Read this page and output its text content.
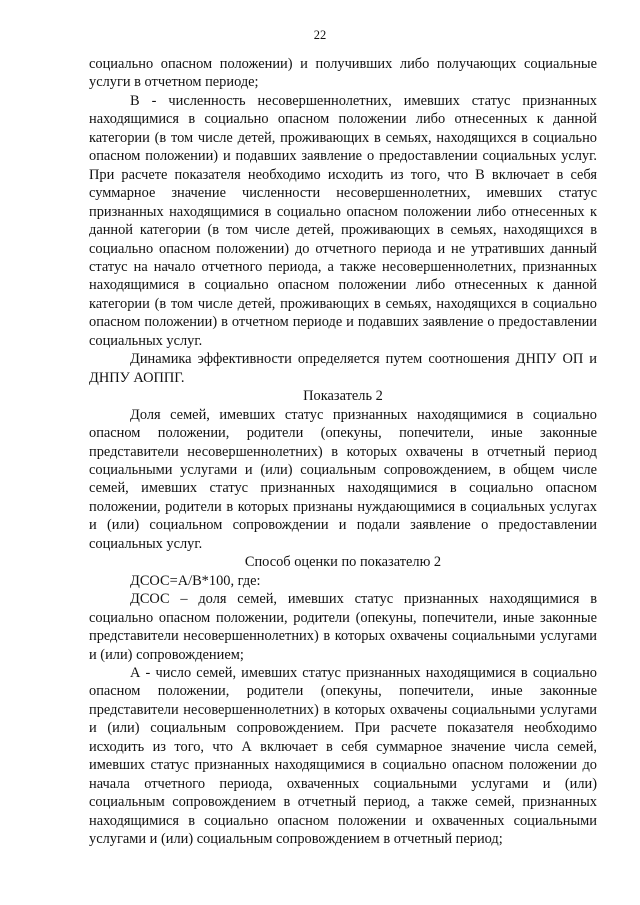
22

социально опасном положении) и получивших либо получающих социальные услуги в отчетном периоде;

В - численность несовершеннолетних, имевших статус признанных находящимися в социально опасном положении либо отнесенных к данной категории (в том числе детей, проживающих в семьях, находящихся в социально опасном положении) и подавших заявление о предоставлении социальных услуг. При расчете показателя необходимо исходить из того, что В включает в себя суммарное значение численности несовершеннолетних, имевших статус признанных находящимися в социально опасном положении либо отнесенных к данной категории (в том числе детей, проживающих в семьях, находящихся в социально опасном положении) до отчетного периода и не утративших данный статус на начало отчетного периода, а также несовершеннолетних, признанных находящимися в социально опасном положении либо отнесенных к данной категории (в том числе детей, проживающих в семьях, находящихся в социально опасном положении) в отчетном периоде и подавших заявление о предоставлении социальных услуг.

Динамика эффективности определяется путем соотношения ДНПУ ОП и ДНПУ АОППГ.

Показатель 2

Доля семей, имевших статус признанных находящимися в социально опасном положении, родители (опекуны, попечители, иные законные представители несовершеннолетних) в которых охвачены в отчетный период социальными услугами и (или) социальным сопровождением, в общем числе семей, имевших статус признанных находящимися в социально опасном положении, родители в которых признаны нуждающимися в социальных услугах и (или) социальном сопровождении и подали заявление о предоставлении социальных услуг.

Способ оценки по показателю 2

ДСОС=А/В*100, где:

ДСОС – доля семей, имевших статус признанных находящимися в социально опасном положении, родители (опекуны, попечители, иные законные представители несовершеннолетних) в которых охвачены социальными услугами и (или) сопровождением;

А - число семей, имевших статус признанных находящимися в социально опасном положении, родители (опекуны, попечители, иные законные представители несовершеннолетних) в которых охвачены социальными услугами и (или) социальным сопровождением. При расчете показателя необходимо исходить из того, что А включает в себя суммарное значение числа семей, имевших статус признанных находящимися в социально опасном положении до начала отчетного периода, охваченных социальными услугами и (или) социальным сопровождением в отчетный период, а также семей, признанных находящимися в социально опасном положении и охваченных социальными услугами и (или) социальным сопровождением в отчетный период;
